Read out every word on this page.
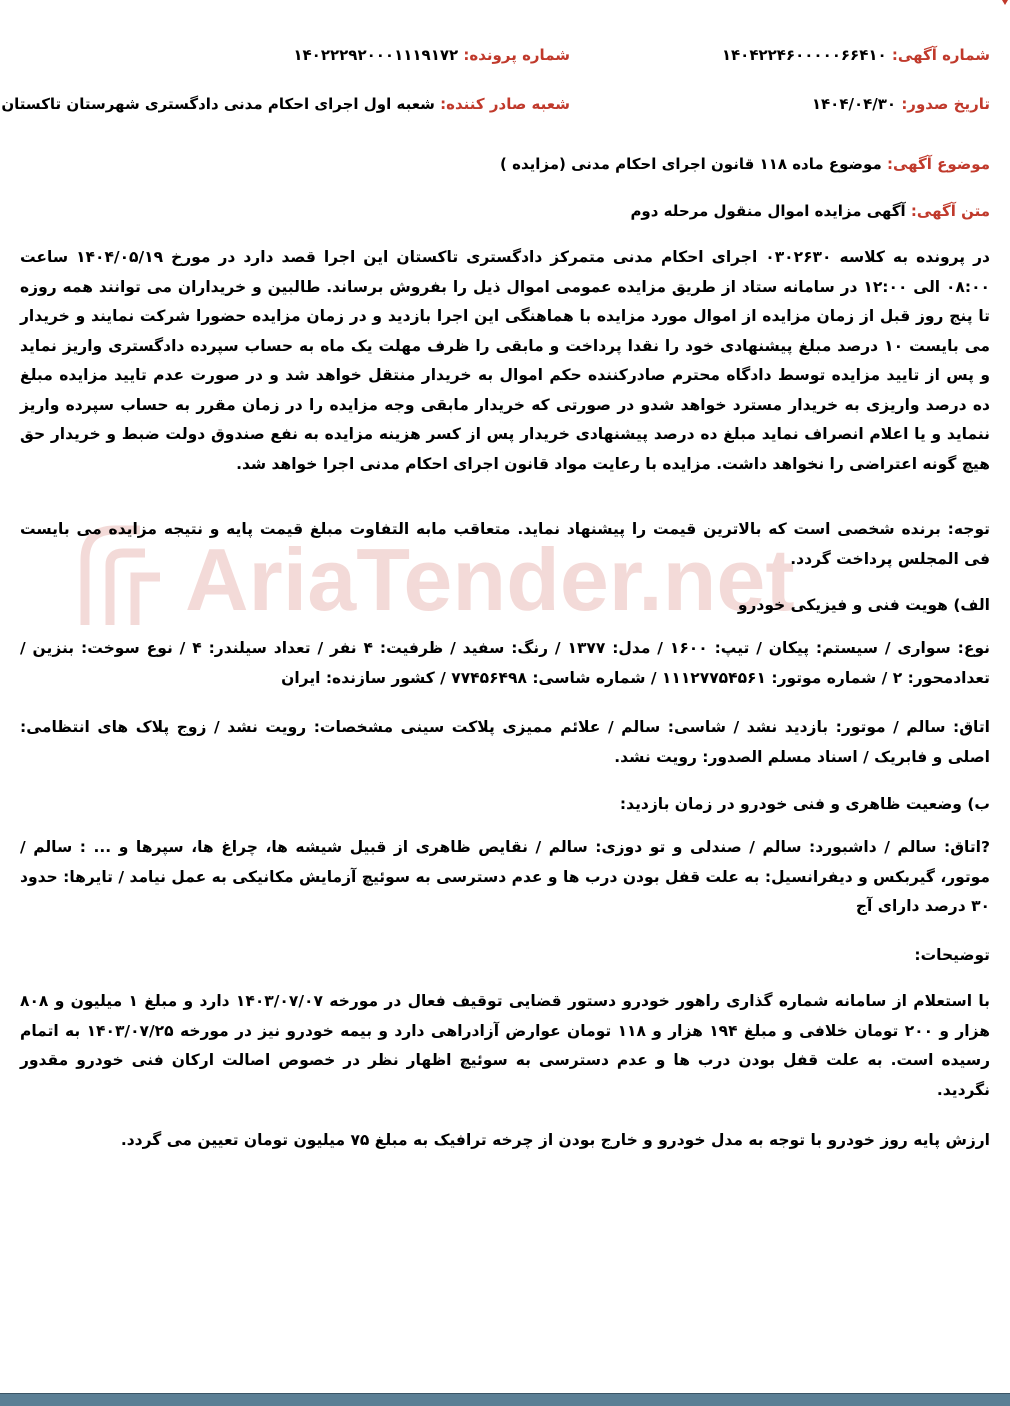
شماره آگهی: ۱۴۰۴۲۲۴۶۰۰۰۰۰۶۶۴۱۰
شماره پرونده: ۱۴۰۲۲۲۹۲۰۰۰۱۱۱۹۱۷۲
تاریخ صدور: ۱۴۰۴/۰۴/۳۰
شعبه صادر کننده: شعبه اول اجرای احکام مدنی دادگستری شهرستان تاکستان
موضوع آگهی: موضوع ماده ۱۱۸ قانون اجرای احکام مدنی (مزایده )
متن آگهی: آگهی مزایده اموال منقول مرحله دوم
AriaTender.net

در پرونده به کلاسه ۰۳۰۲۶۳۰ اجرای احکام مدنی متمرکز دادگستری تاکستان این اجرا قصد دارد در مورخ ۱۴۰۴/۰۵/۱۹ ساعت ۰۸:۰۰ الی ۱۲:۰۰ در سامانه ستاد از طریق مزایده عمومی اموال ذیل را بفروش برساند. طالبین و خریداران می توانند همه روزه تا پنج روز قبل از زمان مزایده از اموال مورد مزایده با هماهنگی این اجرا بازدید و در زمان مزایده حضورا شرکت نمایند و خریدار می بایست ۱۰ درصد مبلغ پیشنهادی خود را نقدا پرداخت و مابقی را ظرف مهلت یک ماه به حساب سپرده دادگستری واریز نماید و پس از تایید مزایده توسط دادگاه محترم صادرکننده حکم اموال به خریدار منتقل خواهد شد و در صورت عدم تایید مزایده مبلغ ده درصد واریزی به خریدار مسترد خواهد شدو در صورتی که خریدار مابقی وجه مزایده را در زمان مقرر به حساب سپرده واریز ننماید و یا اعلام انصراف نماید مبلغ ده درصد پیشنهادی خریدار پس از کسر هزینه مزایده به نفع صندوق دولت ضبط و خریدار حق هیچ گونه اعتراضی را نخواهد داشت. مزایده با رعایت مواد قانون اجرای احکام مدنی اجرا خواهد شد.

توجه: برنده شخصی است که بالاترین قیمت را پیشنهاد نماید. متعاقب مابه التفاوت مبلغ قیمت پایه و نتیجه مزایده می بایست فی المجلس پرداخت گردد.

الف) هویت فنی و فیزیکی خودرو

نوع: سواری / سیستم: پیکان / تیپ: ۱۶۰۰ / مدل: ۱۳۷۷ / رنگ: سفید / ظرفیت: ۴ نفر / تعداد سیلندر: ۴ / نوع سوخت: بنزین / تعدادمحور: ۲ / شماره موتور: ۱۱۱۲۷۷۵۴۵۶۱ / شماره شاسی: ۷۷۴۵۶۴۹۸ / کشور سازنده: ایران

اتاق: سالم / موتور: بازدید نشد / شاسی: سالم / علائم ممیزی پلاکت سینی مشخصات: رویت نشد / زوج پلاک های انتظامی: اصلی و فابریک / اسناد مسلم الصدور: رویت نشد.

ب) وضعیت ظاهری و فنی خودرو در زمان بازدید:

?اتاق: سالم / داشبورد: سالم / صندلی و تو دوزی: سالم / نقایص ظاهری از قبیل شیشه ها، چراغ ها، سپرها و ... : سالم / موتور، گیربکس و دیفرانسیل: به علت قفل بودن درب ها و عدم دسترسی به سوئیچ آزمایش مکانیکی به عمل نیامد / تایرها: حدود ۳۰ درصد دارای آج

توضیحات:

با استعلام از سامانه شماره گذاری راهور خودرو دستور قضایی توقیف فعال در مورخه ۱۴۰۳/۰۷/۰۷ دارد و مبلغ ۱ میلیون و ۸۰۸ هزار و ۲۰۰ تومان خلافی و مبلغ ۱۹۴ هزار و ۱۱۸ تومان عوارض آزادراهی دارد و بیمه خودرو نیز در مورخه ۱۴۰۳/۰۷/۲۵ به اتمام رسیده است. به علت قفل بودن درب ها و عدم دسترسی به سوئیچ اظهار نظر در خصوص اصالت ارکان فنی خودرو مقدور نگردید.

ارزش پایه روز خودرو با توجه به مدل خودرو و خارج بودن از چرخه ترافیک به مبلغ ۷۵ میلیون تومان تعیین می گردد.
